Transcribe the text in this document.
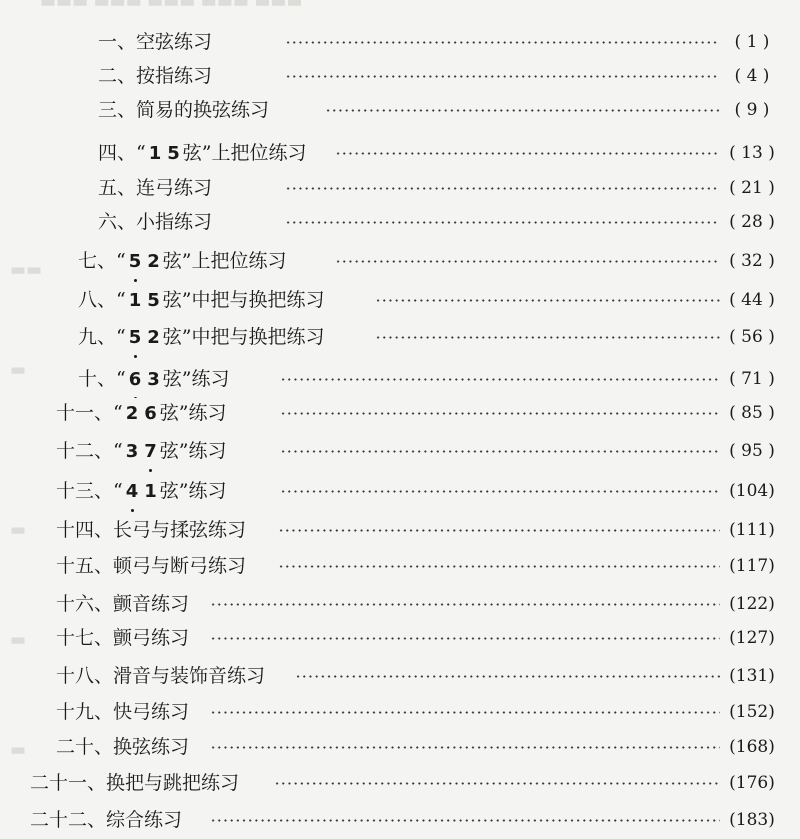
▬▬▬ ▬▬▬ ▬▬▬ ▬▬▬ ▬▬▬
▬▬
▬
▬
▬
▬
一、空弦练习	( 1 )
二、按指练习	( 4 )
三、简易的换弦练习	( 9 )
四、“ 1 5 弦”上把位练习	( 13 )
五、连弓练习	( 21 )
六、小指练习	( 28 )
七、“ 5 2 弦”上把位练习	( 32 )
八、“ 1 5 弦”中把与换把练习	( 44 )
九、“ 5 2 弦”中把与换把练习	( 56 )
十、“ 6 3 弦”练习	( 71 )
十一、“ 2 6 弦”练习	( 85 )
十二、“ 3 7 弦”练习	( 95 )
十三、“ 4 1 弦”练习	(104)
十四、长弓与揉弦练习	(111)
十五、顿弓与断弓练习	(117)
十六、颤音练习	(122)
十七、颤弓练习	(127)
十八、滑音与装饰音练习	(131)
十九、快弓练习	(152)
二十、换弦练习	(168)
二十一、换把与跳把练习	(176)
二十二、综合练习	(183)
